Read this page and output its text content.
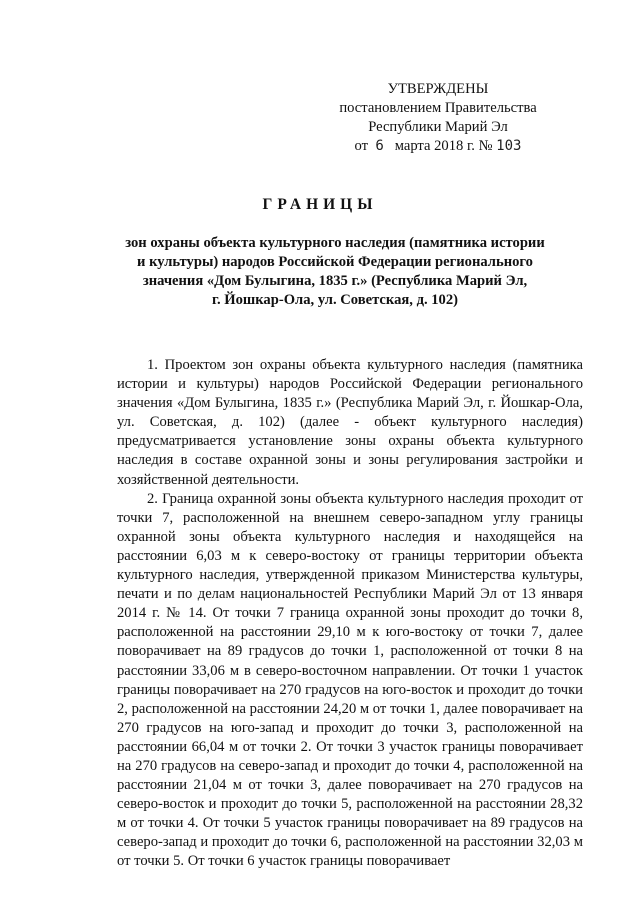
УТВЕРЖДЕНЫ
постановлением Правительства
Республики Марий Эл
от 6 марта 2018 г. № 103
ГРАНИЦЫ
зон охраны объекта культурного наследия (памятника истории
и культуры) народов Российской Федерации регионального
значения «Дом Булыгина, 1835 г.» (Республика Марий Эл,
г. Йошкар-Ола, ул. Советская, д. 102)

1. Проектом зон охраны объекта культурного наследия (памятника истории и культуры) народов Российской Федерации регионального значения «Дом Булыгина, 1835 г.» (Республика Марий Эл, г. Йошкар-Ола, ул. Советская, д. 102) (далее - объект культурного наследия) предусматривается установление зоны охраны объекта культурного наследия в составе охранной зоны и зоны регулирования застройки и хозяйственной деятельности.

2. Граница охранной зоны объекта культурного наследия проходит от точки 7, расположенной на внешнем северо-западном углу границы охранной зоны объекта культурного наследия и находящейся на расстоянии 6,03 м к северо-востоку от границы территории объекта культурного наследия, утвержденной приказом Министерства культуры, печати и по делам национальностей Республики Марий Эл от 13 января 2014 г. № 14. От точки 7 граница охранной зоны проходит до точки 8, расположенной на расстоянии 29,10 м к юго-востоку от точки 7, далее поворачивает на 89 градусов до точки 1, расположенной от точки 8 на расстоянии 33,06 м в северо-восточном направлении. От точки 1 участок границы поворачивает на 270 градусов на юго-восток и проходит до точки 2, расположенной на расстоянии 24,20 м от точки 1, далее поворачивает на 270 градусов на юго-запад и проходит до точки 3, расположенной на расстоянии 66,04 м от точки 2. От точки 3 участок границы поворачивает на 270 градусов на северо-запад и проходит до точки 4, расположенной на расстоянии 21,04 м от точки 3, далее поворачивает на 270 градусов на северо-восток и проходит до точки 5, расположенной на расстоянии 28,32 м от точки 4. От точки 5 участок границы поворачивает на 89 градусов на северо-запад и проходит до точки 6, расположенной на расстоянии 32,03 м от точки 5. От точки 6 участок границы поворачивает
